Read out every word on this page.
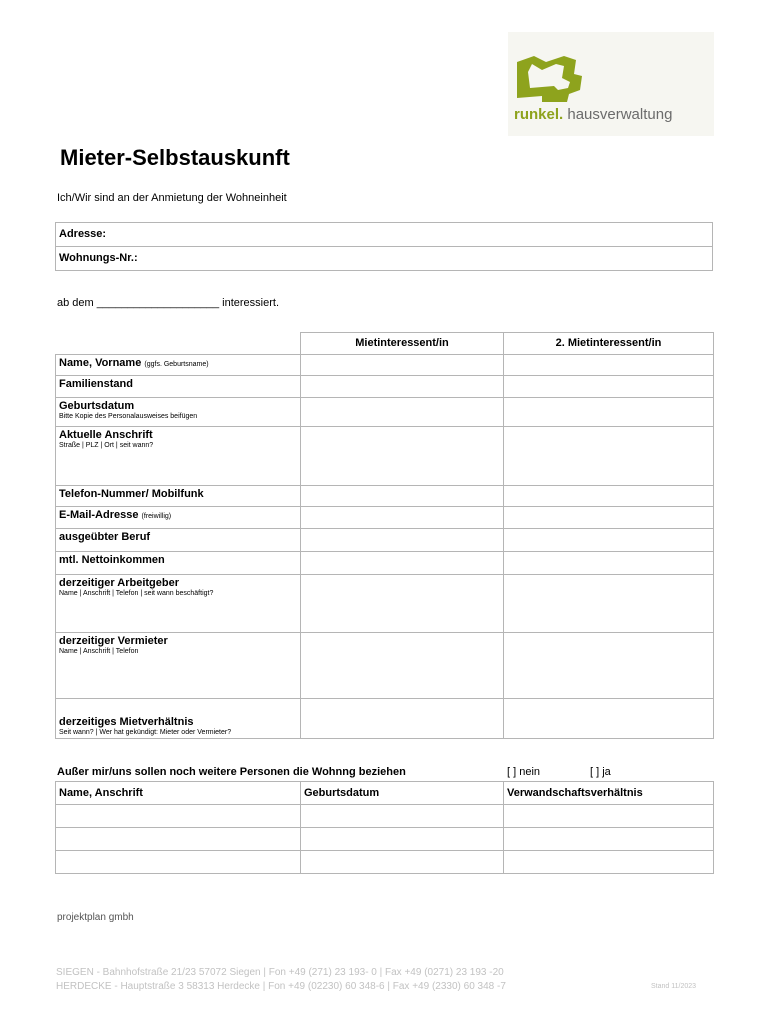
runkel. hausverwaltung
Mieter-Selbstauskunft
Ich/Wir sind an der Anmietung der Wohneinheit
Adresse:
Wohnungs-Nr.:
ab dem ____________________ interessiert.
	Mietinteressent/in	2. Mietinteressent/in
Name, Vorname (ggfs. Geburtsname)		
Familienstand		
Geburtsdatum
Bitte Kopie des Personalausweises beifügen		

Aktuelle Anschrift
Straße | PLZ | Ort | seit wann?		

Telefon-Nummer/ Mobilfunk		
E-Mail-Adresse (freiwillig)		
ausgeübter Beruf		
mtl. Nettoinkommen		
derzeitiger Arbeitgeber
Name | Anschrift | Telefon | seit wann beschäftigt?		

derzeitiger Vermieter
Name | Anschrift | Telefon		

derzeitiges Mietverhältnis
Seit wann? | Wer hat gekündigt: Mieter oder Vermieter?		

Außer mir/uns sollen noch weitere Personen die Wohnng beziehen	[ ] nein	[ ] ja
Name, Anschrift	Geburtsdatum	Verwandschaftsverhältnis

projektplan gmbh
SIEGEN - Bahnhofstraße 21/23 57072 Siegen | Fon +49 (271) 23 193- 0 | Fax +49 (0271) 23 193 -20
HERDECKE - Hauptstraße 3 58313 Herdecke | Fon +49 (02230) 60 348-6 | Fax +49 (2330) 60 348 -7	Stand 11/2023
